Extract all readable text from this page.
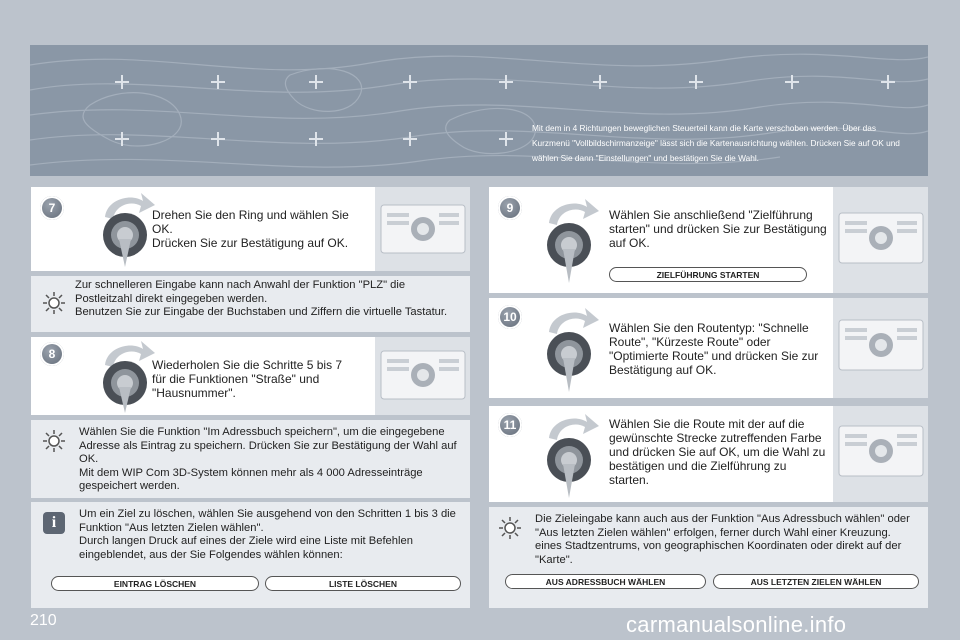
Mit dem in 4 Richtungen beweglichen Steuerteil kann die Karte verschoben werden. Über das Kurzmenü "Vollbildschirmanzeige" lässt sich die Kartenausrichtung wählen. Drücken Sie auf OK und wählen Sie dann "Einstellungen" und bestätigen Sie die Wahl.
7	Drehen Sie den Ring und wählen Sie OK.
Drücken Sie zur Bestätigung auf OK.
Zur schnelleren Eingabe kann nach Anwahl der Funktion "PLZ" die Postleitzahl direkt eingegeben werden.
Benutzen Sie zur Eingabe der Buchstaben und Ziffern die virtuelle Tastatur.
8
Wiederholen Sie die Schritte 5 bis 7 für die Funktionen "Straße" und "Hausnummer".
Wählen Sie die Funktion "Im Adressbuch speichern", um die eingegebene Adresse als Eintrag zu speichern. Drücken Sie zur Bestätigung der Wahl auf OK.
Mit dem WIP Com 3D-System können mehr als 4 000 Adresseinträge gespeichert werden.
i	Um ein Ziel zu löschen, wählen Sie ausgehend von den Schritten 1 bis 3 die Funktion "Aus letzten Zielen wählen".
Durch langen Druck auf eines der Ziele wird eine Liste mit Befehlen eingeblendet, aus der Sie Folgendes wählen können:
EINTRAG LÖSCHEN	LISTE LÖSCHEN
9	Wählen Sie anschließend "Zielführung starten" und drücken Sie zur Bestätigung auf OK.
ZIELFÜHRUNG STARTEN
10
Wählen Sie den Routentyp: "Schnelle Route", "Kürzeste Route" oder "Optimierte Route" und drücken Sie zur Bestätigung auf OK.
11	Wählen Sie die Route mit der auf die gewünschte Strecke zutreffenden Farbe und drücken Sie auf OK, um die Wahl zu bestätigen und die Zielführung zu starten.
Die Zieleingabe kann auch aus der Funktion "Aus Adressbuch wählen" oder "Aus letzten Zielen wählen" erfolgen, ferner durch Wahl einer Kreuzung. eines Stadtzentrums, von geographischen Koordinaten oder direkt auf der "Karte".
AUS ADRESSBUCH WÄHLEN	AUS LETZTEN ZIELEN WÄHLEN
210	carmanualsonline.info
